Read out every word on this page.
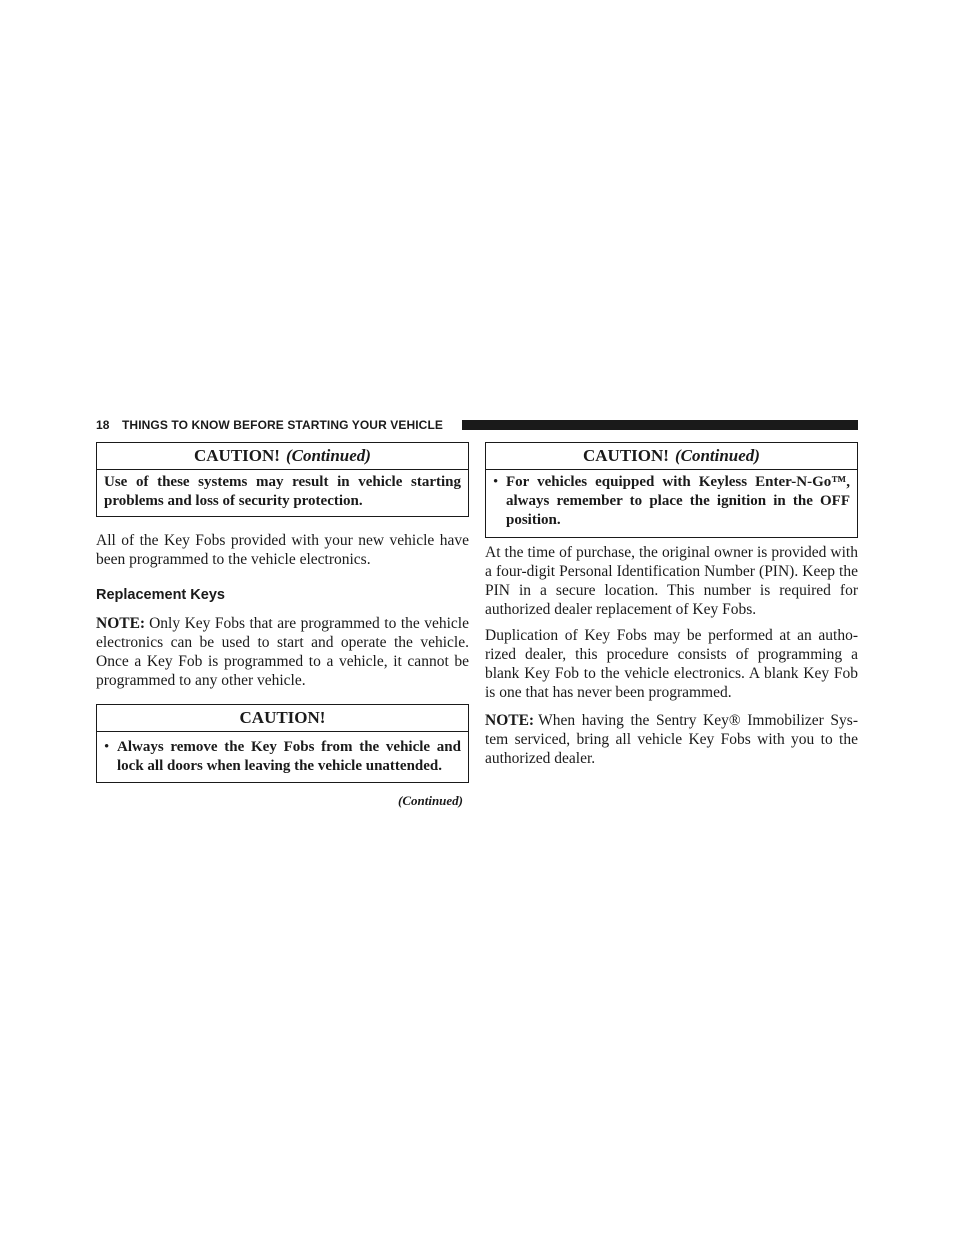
18 THINGS TO KNOW BEFORE STARTING YOUR VEHICLE
CAUTION! (Continued)
Use of these systems may result in vehicle starting problems and loss of security protection.

All of the Key Fobs provided with your new vehicle have been programmed to the vehicle electronics.

Replacement Keys

NOTE: Only Key Fobs that are programmed to the vehicle electronics can be used to start and operate the vehicle. Once a Key Fob is programmed to a vehicle, it cannot be programmed to any other vehicle.

CAUTION!
• Always remove the Key Fobs from the vehicle and lock all doors when leaving the vehicle unattended.
(Continued)
CAUTION! (Continued)
• For vehicles equipped with Keyless Enter-N-Go™, always remember to place the ignition in the OFF position.

At the time of purchase, the original owner is provided with a four-digit Personal Identification Number (PIN). Keep the PIN in a secure location. This number is required for authorized dealer replacement of Key Fobs.

Duplication of Key Fobs may be performed at an autho-rized dealer, this procedure consists of programming a blank Key Fob to the vehicle electronics. A blank Key Fob is one that has never been programmed.

NOTE: When having the Sentry Key® Immobilizer Sys-tem serviced, bring all vehicle Key Fobs with you to the authorized dealer.
